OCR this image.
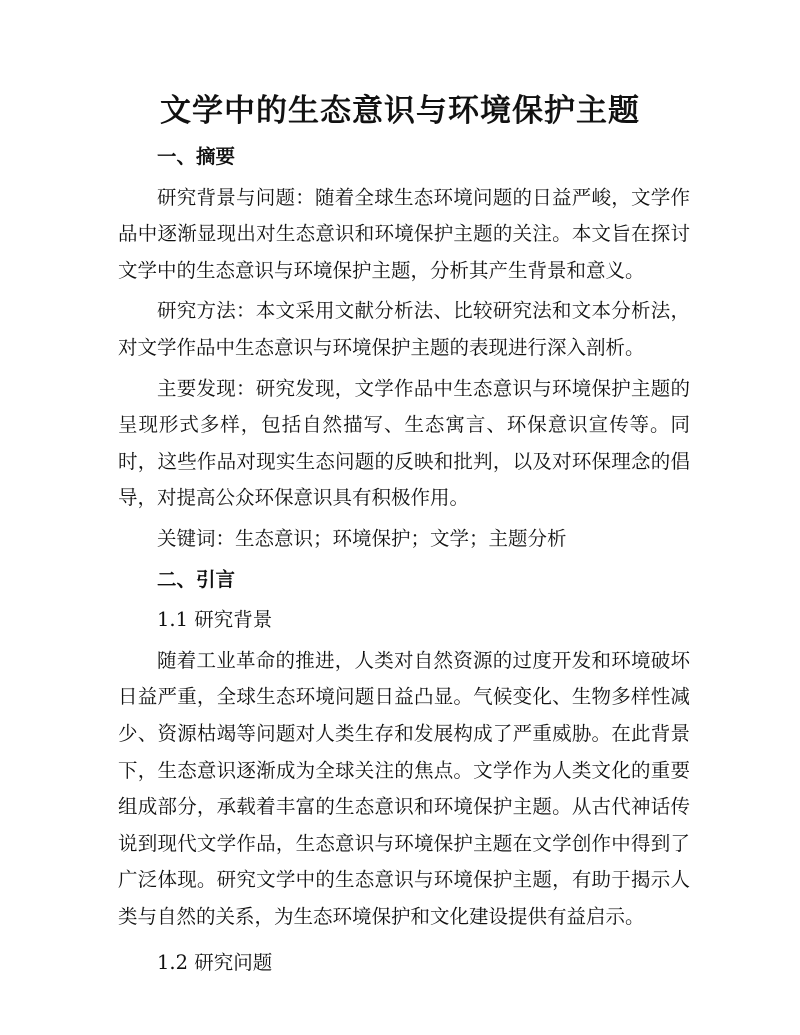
文学中的生态意识与环境保护主题

一、摘要

研究背景与问题：随着全球生态环境问题的日益严峻，文学作品中逐渐显现出对生态意识和环境保护主题的关注。本文旨在探讨文学中的生态意识与环境保护主题，分析其产生背景和意义。

研究方法：本文采用文献分析法、比较研究法和文本分析法，对文学作品中生态意识与环境保护主题的表现进行深入剖析。

主要发现：研究发现，文学作品中生态意识与环境保护主题的呈现形式多样，包括自然描写、生态寓言、环保意识宣传等。同时，这些作品对现实生态问题的反映和批判，以及对环保理念的倡导，对提高公众环保意识具有积极作用。

关键词：生态意识；环境保护；文学；主题分析

二、引言

1.1 研究背景

随着工业革命的推进，人类对自然资源的过度开发和环境破坏日益严重，全球生态环境问题日益凸显。气候变化、生物多样性减少、资源枯竭等问题对人类生存和发展构成了严重威胁。在此背景下，生态意识逐渐成为全球关注的焦点。文学作为人类文化的重要组成部分，承载着丰富的生态意识和环境保护主题。从古代神话传说到现代文学作品，生态意识与环境保护主题在文学创作中得到了广泛体现。研究文学中的生态意识与环境保护主题，有助于揭示人类与自然的关系，为生态环境保护和文化建设提供有益启示。

1.2 研究问题
